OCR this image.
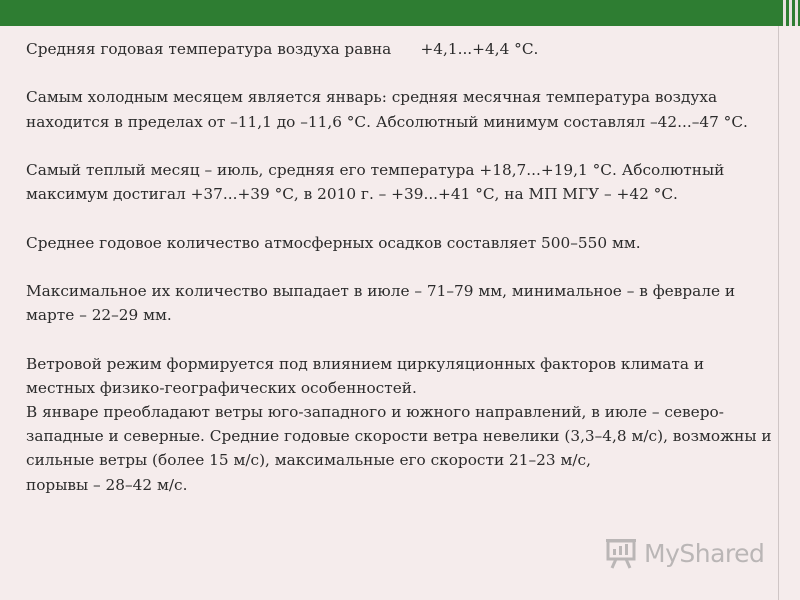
Средняя годовая температура воздуха равна      +4,1...+4,4 °С.

Самым холодным месяцем является январь: средняя месячная температура воздуха находится в пределах от –11,1 до –11,6 °С. Абсолютный минимум составлял –42...–47 °С.

Самый теплый месяц – июль, средняя его температура +18,7...+19,1 °С. Абсолютный максимум достигал +37...+39 °С, в 2010 г. – +39...+41 °С, на МП МГУ – +42 °С.

Среднее годовое количество атмосферных осадков составляет 500–550 мм.

Максимальное их количество выпадает в июле – 71–79 мм, минимальное – в феврале и марте – 22–29 мм.

Ветровой режим формируется под влиянием циркуляционных факторов климата и местных физико-географических особенностей.

В январе преобладают ветры юго-западного и южного направлений, в июле – северо-западные и северные. Средние годовые скорости ветра невелики (3,3–4,8 м/с), возможны и сильные ветры (более 15 м/с), максимальные его скорости 21–23 м/с,

порывы – 28–42 м/с.

MyShared
